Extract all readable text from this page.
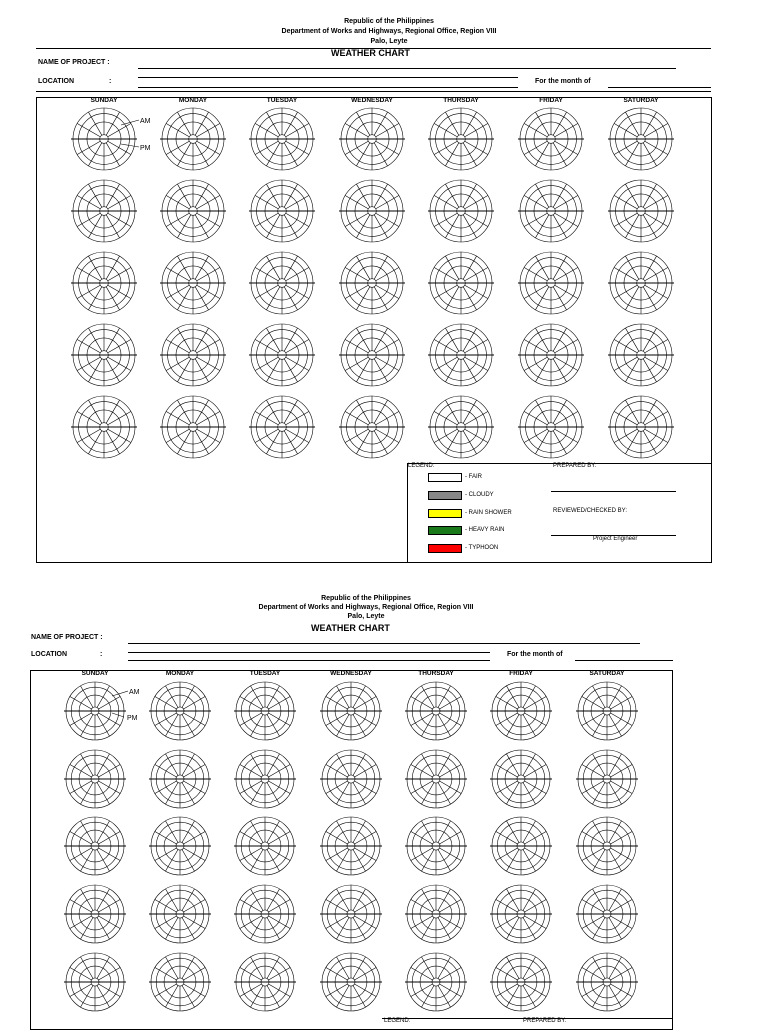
Republic of the Philippines
Department of Works and Highways, Regional Office, Region VIII
Palo, Leyte
WEATHER CHART
NAME OF PROJECT :
LOCATION	:	For the month of
SUNDAY	MONDAY	TUESDAY	WEDNESDAY	THURSDAY	FRIDAY	SATURDAY
LEGEND:
- FAIR
- CLOUDY
- RAIN SHOWER
- HEAVY RAIN
- TYPHOON
PREPARED BY:
REVIEWED/CHECKED BY:
Project Engineer
Republic of the Philippines
Department of Works and Highways, Regional Office, Region VIII
Palo, Leyte
WEATHER CHART
NAME OF PROJECT :
LOCATION	:	For the month of
SUNDAY	MONDAY	TUESDAY	WEDNESDAY	THURSDAY	FRIDAY	SATURDAY
LEGEND:	PREPARED BY:
AM
PM
AM
PM
